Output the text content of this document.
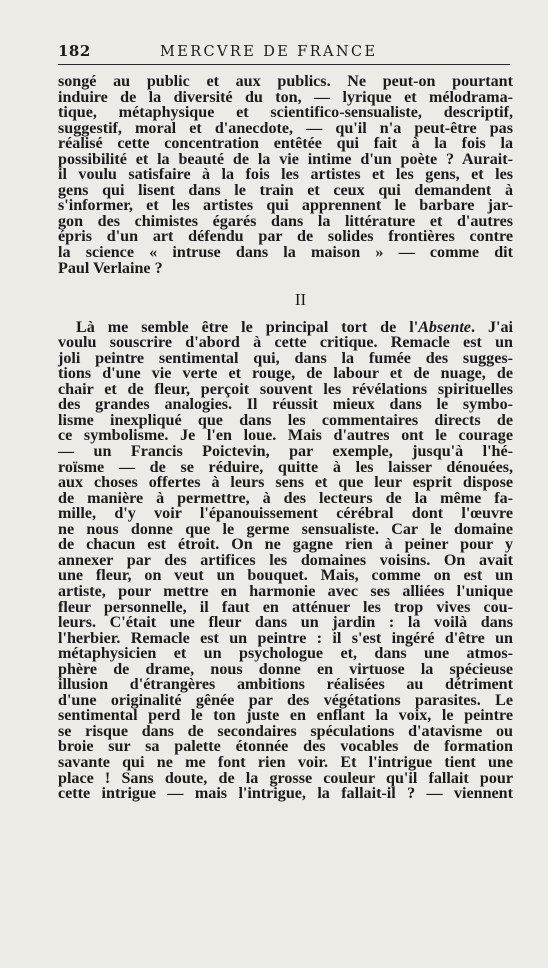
182	MERCVRE DE FRANCE
songé au public et aux publics. Ne peut-on pourtant
induire de la diversité du ton, — lyrique et mélodrama-
tique, métaphysique et scientifico-sensualiste, descriptif,
suggestif, moral et d'anecdote, — qu'il n'a peut-être pas
réalisé cette concentration entêtée qui fait à la fois la
possibilité et la beauté de la vie intime d'un poète ? Aurait-
il voulu satisfaire à la fois les artistes et les gens, et les
gens qui lisent dans le train et ceux qui demandent à
s'informer, et les artistes qui apprennent le barbare jar-
gon des chimistes égarés dans la littérature et d'autres
épris d'un art défendu par de solides frontières contre
la science « intruse dans la maison » — comme dit
Paul Verlaine ?
II
Là me semble être le principal tort de l'Absente. J'ai
voulu souscrire d'abord à cette critique. Remacle est un
joli peintre sentimental qui, dans la fumée des sugges-
tions d'une vie verte et rouge, de labour et de nuage, de
chair et de fleur, perçoit souvent les révélations spirituelles
des grandes analogies. Il réussit mieux dans le symbo-
lisme inexpliqué que dans les commentaires directs de
ce symbolisme. Je l'en loue. Mais d'autres ont le courage
— un Francis Poictevin, par exemple, jusqu'à l'hé-
roïsme — de se réduire, quitte à les laisser dénouées,
aux choses offertes à leurs sens et que leur esprit dispose
de manière à permettre, à des lecteurs de la même fa-
mille, d'y voir l'épanouissement cérébral dont l'œuvre
ne nous donne que le germe sensualiste. Car le domaine
de chacun est étroit. On ne gagne rien à peiner pour y
annexer par des artifices les domaines voisins. On avait
une fleur, on veut un bouquet. Mais, comme on est un
artiste, pour mettre en harmonie avec ses alliées l'unique
fleur personnelle, il faut en atténuer les trop vives cou-
leurs. C'était une fleur dans un jardin : la voilà dans
l'herbier. Remacle est un peintre : il s'est ingéré d'être un
métaphysicien et un psychologue et, dans une atmos-
phère de drame, nous donne en virtuose la spécieuse
illusion d'étrangères ambitions réalisées au détriment
d'une originalité gênée par des végétations parasites. Le
sentimental perd le ton juste en enflant la voix, le peintre
se risque dans de secondaires spéculations d'atavisme ou
broie sur sa palette étonnée des vocables de formation
savante qui ne me font rien voir. Et l'intrigue tient une
place ! Sans doute, de la grosse couleur qu'il fallait pour
cette intrigue — mais l'intrigue, la fallait-il ? — viennent
